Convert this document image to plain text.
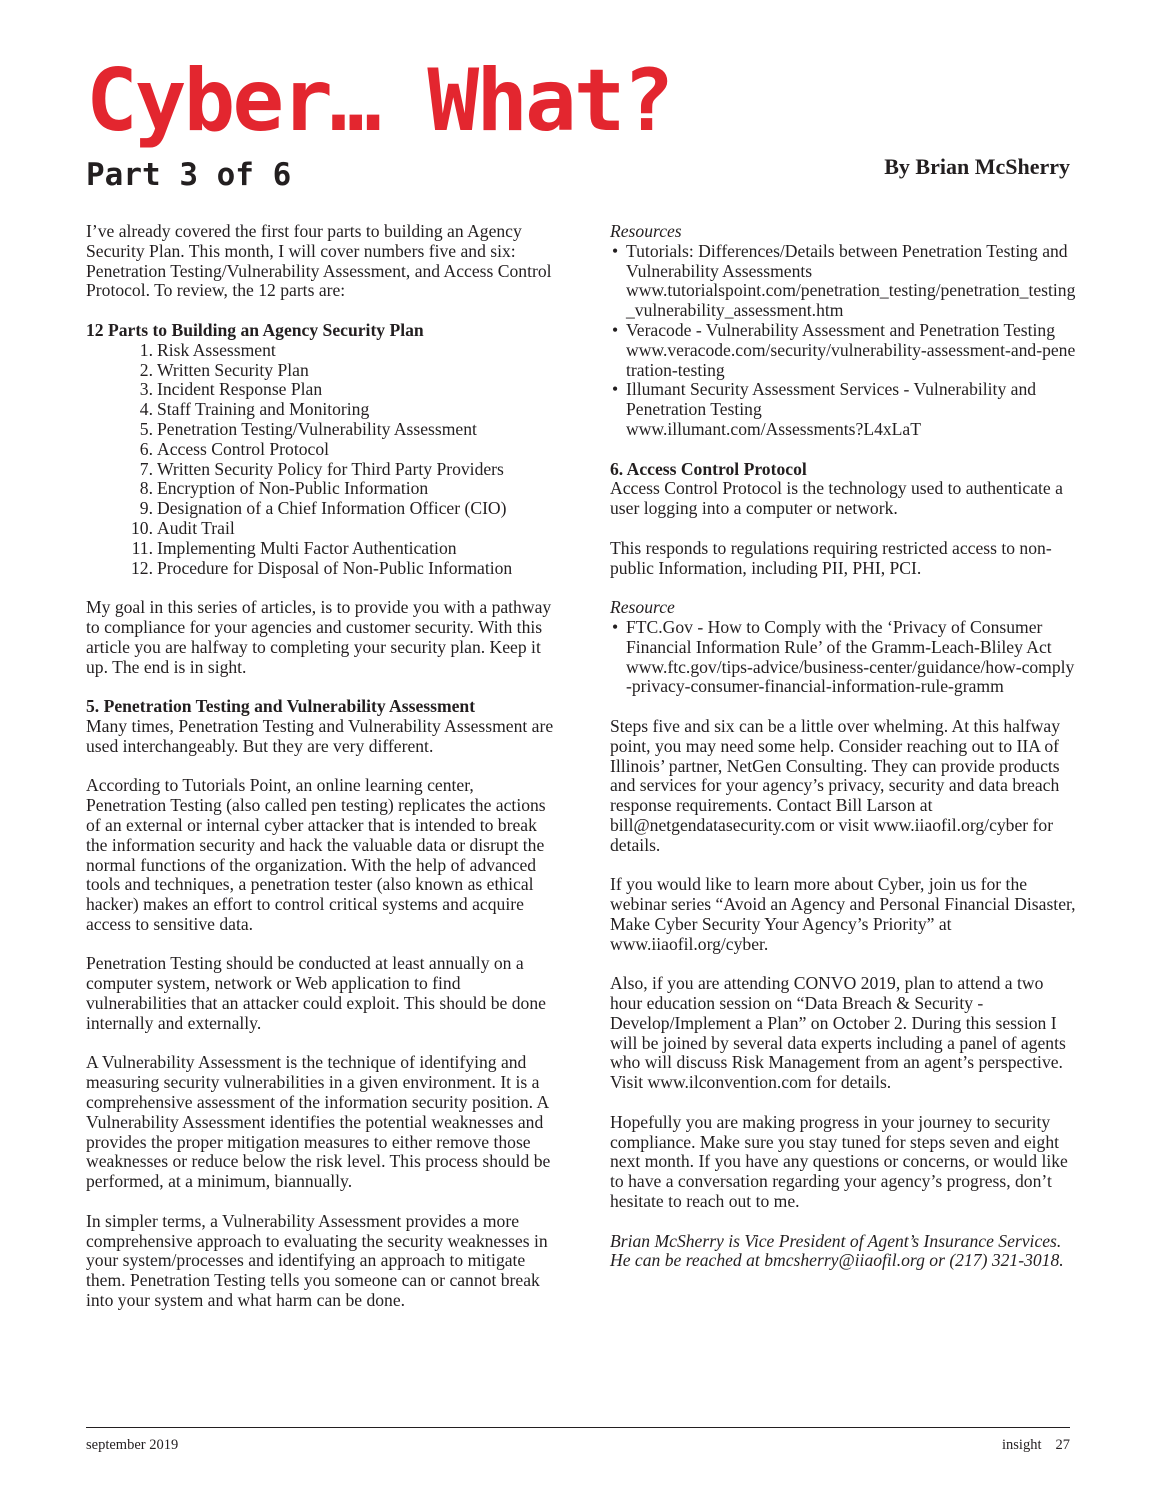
Cyber… What?
Part 3 of 6	By Brian McSherry

I’ve already covered the first four parts to building an Agency Security Plan. This month, I will cover numbers five and six: Penetration Testing/Vulnerability Assessment, and Access Control Protocol. To review, the 12 parts are:

12 Parts to Building an Agency Security Plan
1. Risk Assessment
2. Written Security Plan
3. Incident Response Plan
4. Staff Training and Monitoring
5. Penetration Testing/Vulnerability Assessment
6. Access Control Protocol
7. Written Security Policy for Third Party Providers
8. Encryption of Non-Public Information
9. Designation of a Chief Information Officer (CIO)
10. Audit Trail
11. Implementing Multi Factor Authentication
12. Procedure for Disposal of Non-Public Information

My goal in this series of articles, is to provide you with a pathway to compliance for your agencies and customer security. With this article you are halfway to completing your security plan. Keep it up. The end is in sight.

5. Penetration Testing and Vulnerability Assessment

Many times, Penetration Testing and Vulnerability Assessment are used interchangeably. But they are very different.

According to Tutorials Point, an online learning center, Penetration Testing (also called pen testing) replicates the actions of an external or internal cyber attacker that is intended to break the information security and hack the valuable data or disrupt the normal functions of the organization. With the help of advanced tools and techniques, a penetration tester (also known as ethical hacker) makes an effort to control critical systems and acquire access to sensitive data.

Penetration Testing should be conducted at least annually on a computer system, network or Web application to find vulnerabilities that an attacker could exploit. This should be done internally and externally.

A Vulnerability Assessment is the technique of identifying and measuring security vulnerabilities in a given environment. It is a comprehensive assessment of the information security position. A Vulnerability Assessment identifies the potential weaknesses and provides the proper mitigation measures to either remove those weaknesses or reduce below the risk level. This process should be performed, at a minimum, biannually.

In simpler terms, a Vulnerability Assessment provides a more comprehensive approach to evaluating the security weaknesses in your system/processes and identifying an approach to mitigate them. Penetration Testing tells you someone can or cannot break into your system and what harm can be done.

Resources
• Tutorials: Differences/Details between Penetration Testing and Vulnerability Assessments
www.tutorialspoint.com/penetration_testing/penetration_testing_vulnerability_assessment.htm
• Veracode - Vulnerability Assessment and Penetration Testing
www.veracode.com/security/vulnerability-assessment-and-penetration-testing
• Illumant Security Assessment Services - Vulnerability and Penetration Testing
www.illumant.com/Assessments?L4xLaT
6. Access Control Protocol

Access Control Protocol is the technology used to authenticate a user logging into a computer or network.

This responds to regulations requiring restricted access to non-public Information, including PII, PHI, PCI.

Resource
• FTC.Gov - How to Comply with the ‘Privacy of Consumer Financial Information Rule’ of the Gramm-Leach-Bliley Act
www.ftc.gov/tips-advice/business-center/guidance/how-comply-privacy-consumer-financial-information-rule-gramm

Steps five and six can be a little over whelming. At this halfway point, you may need some help. Consider reaching out to IIA of Illinois’ partner, NetGen Consulting. They can provide products and services for your agency’s privacy, security and data breach response requirements. Contact Bill Larson at bill@netgendatasecurity.com or visit www.iiaofil.org/cyber for details.

If you would like to learn more about Cyber, join us for the webinar series “Avoid an Agency and Personal Financial Disaster, Make Cyber Security Your Agency’s Priority” at www.iiaofil.org/cyber.

Also, if you are attending CONVO 2019, plan to attend a two hour education session on “Data Breach & Security - Develop/Implement a Plan” on October 2. During this session I will be joined by several data experts including a panel of agents who will discuss Risk Management from an agent’s perspective. Visit www.ilconvention.com for details.

Hopefully you are making progress in your journey to security compliance. Make sure you stay tuned for steps seven and eight next month. If you have any questions or concerns, or would like to have a conversation regarding your agency’s progress, don’t hesitate to reach out to me.

Brian McSherry is Vice President of Agent’s Insurance Services. He can be reached at bmcsherry@iiaofil.org or (217) 321-3018.

september 2019	insight 27
